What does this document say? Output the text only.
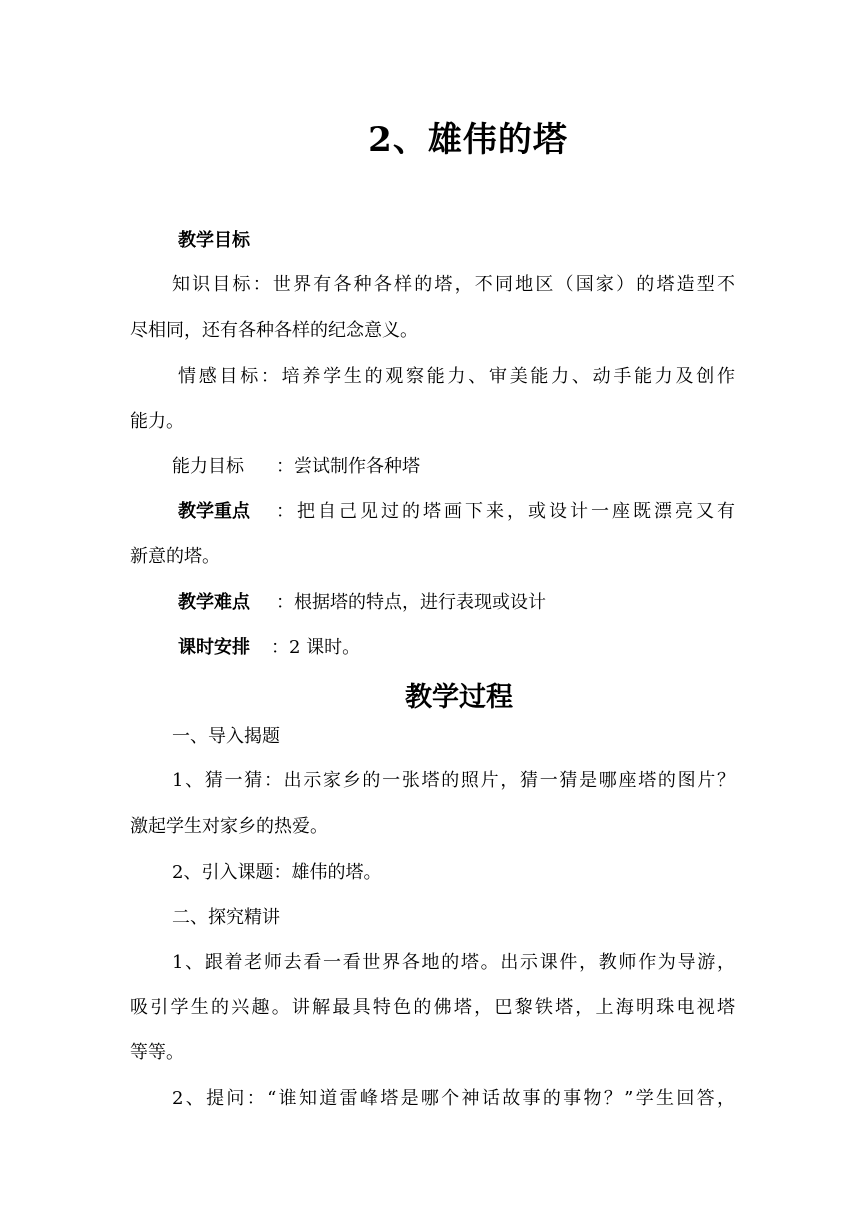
2、雄伟的塔
教学目标
知识目标：世界有各种各样的塔，不同地区（国家）的塔造型不
尽相同，还有各种各样的纪念意义。
情感目标：培养学生的观察能力、审美能力、动手能力及创作
能力。
能力目标	：尝试制作各种塔
教学重点	：把自己见过的塔画下来，或设计一座既漂亮又有
新意的塔。
教学难点	：根据塔的特点，进行表现或设计
课时安排	：2 课时。
教学过程
一、导入揭题
1、猜一猜：出示家乡的一张塔的照片，猜一猜是哪座塔的图片？
激起学生对家乡的热爱。
2、引入课题：雄伟的塔。
二、探究精讲
1、跟着老师去看一看世界各地的塔。出示课件，教师作为导游，
吸引学生的兴趣。讲解最具特色的佛塔，巴黎铁塔，上海明珠电视塔
等等。
2、提问：“谁知道雷峰塔是哪个神话故事的事物？”学生回答，
